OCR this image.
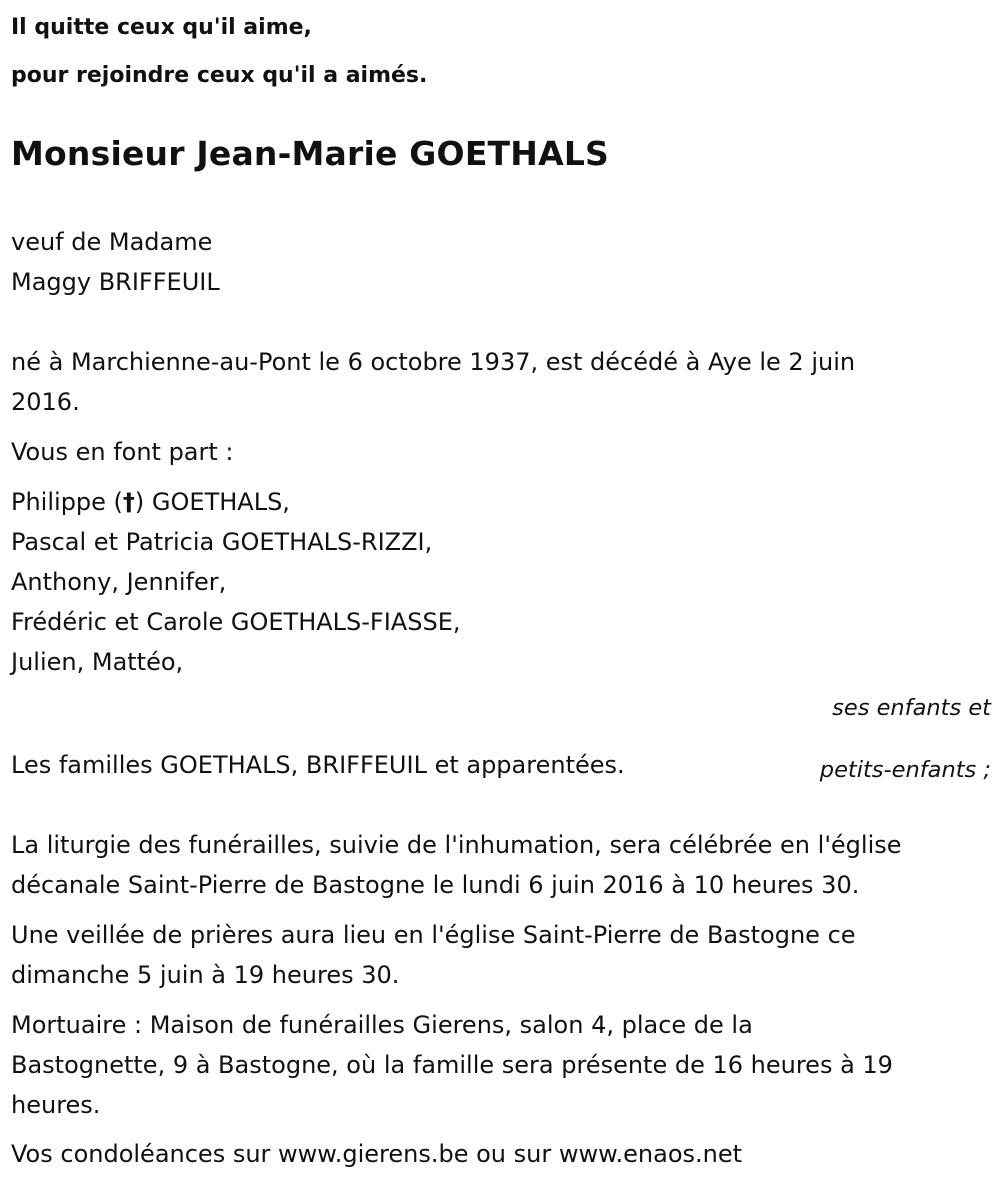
Il quitte ceux qu'il aime,

pour rejoindre ceux qu'il a aimés.

Monsieur Jean-Marie GOETHALS

veuf de Madame

Maggy BRIFFEUIL

né à Marchienne-au-Pont le 6 octobre 1937, est décédé à Aye le 2 juin

2016.

Vous en font part :

Philippe (†) GOETHALS,

Pascal et Patricia GOETHALS-RIZZI,

Anthony, Jennifer,

Frédéric et Carole GOETHALS-FIASSE,

Julien, Mattéo,

ses enfants et

petits-enfants ;

Les familles GOETHALS, BRIFFEUIL et apparentées.

La liturgie des funérailles, suivie de l'inhumation, sera célébrée en l'église

décanale Saint-Pierre de Bastogne le lundi 6 juin 2016 à 10 heures 30.

Une veillée de prières aura lieu en l'église Saint-Pierre de Bastogne ce

dimanche 5 juin à 19 heures 30.

Mortuaire : Maison de funérailles Gierens, salon 4, place de la

Bastognette, 9 à Bastogne, où la famille sera présente de 16 heures à 19

heures.

Vos condoléances sur www.gierens.be ou sur www.enaos.net
